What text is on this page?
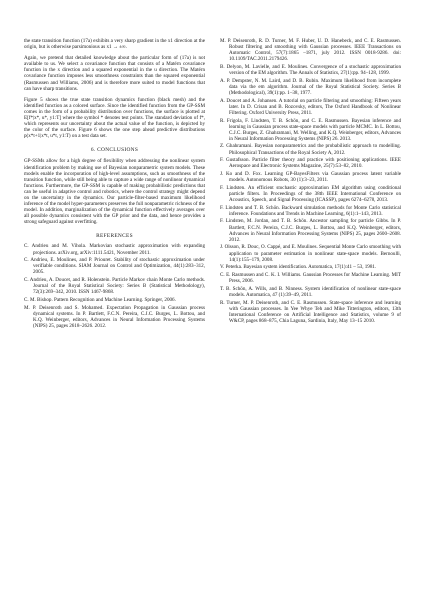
the state transition function (17a) exhibits a very sharp gradient in the x1 direction at the origin, but is otherwise parsimonious as x1 → ±∞.

Again, we pretend that detailed knowledge about the particular form of (17a) is not available to us. We select a covariance function that consists of a Matérn covariance function in the x direction and a squared exponential in the u direction. The Matérn covariance function imposes less smoothness constraints than the squared exponential (Rasmussen and Williams, 2006) and is therefore more suited to model functions that can have sharp transitions.

Figure 5 shows the true state transition dynamics function (black mesh) and the identified function as a colored surface. Since the identified function from the GP-SSM comes in the form of a probability distribution over functions, the surface is plotted at E[f*|x*, u*, y1:T] where the symbol * denotes test points. The standard deviation of f*, which represents our uncertainty about the actual value of the function, is depicted by the color of the surface. Figure 6 shows the one step ahead predictive distributions p(x*t+1|x*t, u*t, y1:T) on a test data set.

6. CONCLUSIONS

GP-SSMs allow for a high degree of flexibility when addressing the nonlinear system identification problem by making use of Bayesian nonparametric system models. These models enable the incorporation of high-level assumptions, such as smoothness of the transition function, while still being able to capture a wide range of nonlinear dynamical functions. Furthermore, the GP-SSM is capable of making probabilistic predictions that can be useful in adaptive control and robotics, where the control strategy might depend on the uncertainty in the dynamics. Our particle-filter-based maximum likelihood inference of the model hyper-parameters preserves the full nonparametric richness of the model. In addition, marginalization of the dynamical function effectively averages over all possible dynamics consistent with the GP prior and the data, and hence provides a strong safeguard against overfitting.

REFERENCES

C. Andrieu and M. Vihola. Markovian stochastic approximation with expanding projections. arXiv.org, arXiv:1111.5421, November 2011.

C. Andrieu, E. Moulines, and P. Priouret. Stability of stochastic approximation under verifiable conditions. SIAM Journal on Control and Optimization, 44(1):283–312, 2005.

C. Andrieu, A. Doucet, and R. Holenstein. Particle Markov chain Monte Carlo methods. Journal of the Royal Statistical Society: Series B (Statistical Methodology), 72(3):269–342, 2010. ISSN 1467-9868.

C. M. Bishop. Pattern Recognition and Machine Learning. Springer, 2006.

M. P. Deisenroth and S. Mohamed. Expectation Propagation in Gaussian process dynamical systems. In P. Bartlett, F.C.N. Pereira, C.J.C. Burges, L. Bottou, and K.Q. Weinberger, editors, Advances in Neural Information Processing Systems (NIPS) 25, pages 2618–2626. 2012.

M. P. Deisenroth, R. D. Turner, M. F. Huber, U. D. Hanebeck, and C. E. Rasmussen. Robust filtering and smoothing with Gaussian processes. IEEE Transactions on Automatic Control, 57(7):1865 –1871, july 2012. ISSN 0018-9286. doi: 10.1109/TAC.2011.2179426.

B. Delyon, M. Lavielle, and E. Moulines. Convergence of a stochastic approximation version of the EM algorithm. The Annals of Statistics, 27(1):pp. 94–128, 1999.

A. P. Dempster, N. M. Laird, and D. B. Rubin. Maximum likelihood from incomplete data via the em algorithm. Journal of the Royal Statistical Society. Series B (Methodological), 39(1):pp. 1–38, 1977.

A. Doucet and A. Johansen. A tutorial on particle filtering and smoothing: Fifteen years later. In D. Crisan and B. Rozovsky, editors, The Oxford Handbook of Nonlinear Filtering. Oxford University Press, 2011.

R. Frigola, F. Lindsten, T. B. Schön, and C. E. Rasmussen. Bayesian inference and learning in Gaussian process state-space models with particle MCMC. In L. Bottou, C.J.C. Burges, Z. Ghahramani, M. Welling, and K.Q. Weinberger, editors, Advances in Neural Information Processing Systems (NIPS) 26. 2013.

Z. Ghahramani. Bayesian nonparametrics and the probabilistic approach to modelling. Philosophical Transactions of the Royal Society A, 2012.

F. Gustafsson. Particle filter theory and practice with positioning applications. IEEE Aerospace and Electronic Systems Magazine, 25(7):53–82, 2010.

J. Ko and D. Fox. Learning GP-BayesFilters via Gaussian process latent variable models. Autonomous Robots, 30 (1):3–23, 2011.

F. Lindsten. An efficient stochastic approximation EM algorithm using conditional particle filters. In Proceedings of the 38th IEEE International Conference on Acoustics, Speech, and Signal Processing (ICASSP), pages 6274–6278, 2013.

F. Lindsten and T. B. Schön. Backward simulation methods for Monte Carlo statistical inference. Foundations and Trends in Machine Learning, 6(1):1–143, 2013.

F. Lindsten, M. Jordan, and T. B. Schön. Ancestor sampling for particle Gibbs. In P. Bartlett, F.C.N. Pereira, C.J.C. Burges, L. Bottou, and K.Q. Weinberger, editors, Advances in Neural Information Processing Systems (NIPS) 25, pages 2600–2608. 2012.

J. Olsson, R. Douc, O. Cappé, and E. Moulines. Sequential Monte Carlo smoothing with application to parameter estimation in nonlinear state-space models. Bernoulli, 14(1):155–179, 2008.

V. Peterka. Bayesian system identification. Automatica, 17(1):41 – 53, 1981.

C. E. Rasmussen and C. K. I. Williams. Gaussian Processes for Machine Learning. MIT Press, 2006.

T. B. Schön, A. Wills, and B. Ninness. System identification of nonlinear state-space models. Automatica, 47 (1):39–49, 2011.

R. Turner, M. P. Deisenroth, and C. E. Rasmussen. State-space inference and learning with Gaussian processes. In Yee Whye Teh and Mike Titterington, editors, 13th International Conference on Artificial Intelligence and Statistics, volume 9 of W&CP, pages 868–875, Chia Laguna, Sardinia, Italy, May 13–15 2010.
